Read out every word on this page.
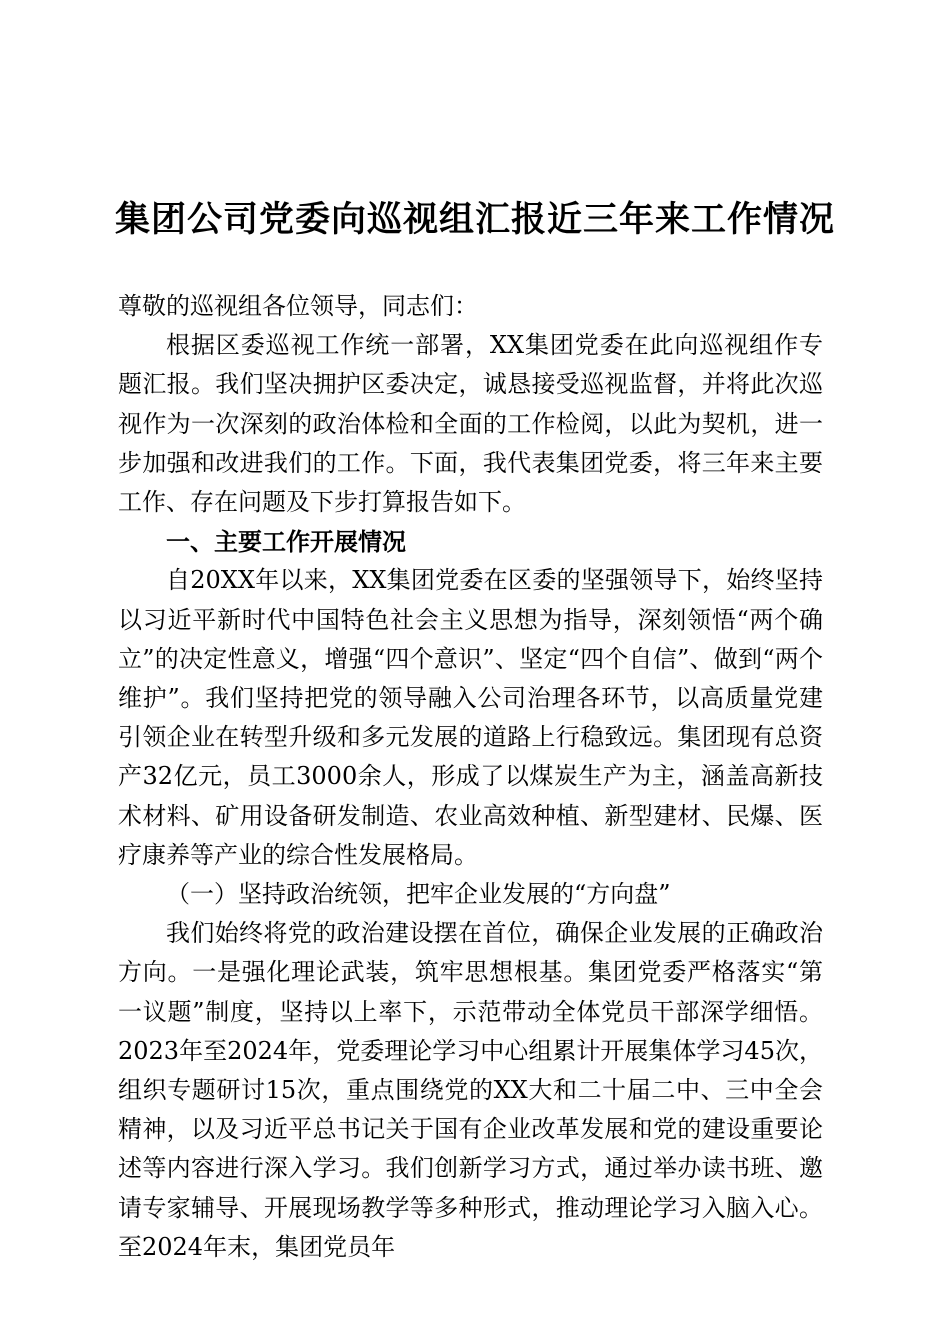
集团公司党委向巡视组汇报近三年来工作情况

尊敬的巡视组各位领导，同志们：

根据区委巡视工作统一部署，XX集团党委在此向巡视组作专题汇报。我们坚决拥护区委决定，诚恳接受巡视监督，并将此次巡视作为一次深刻的政治体检和全面的工作检阅，以此为契机，进一步加强和改进我们的工作。下面，我代表集团党委，将三年来主要工作、存在问题及下步打算报告如下。

一、主要工作开展情况

自20XX年以来，XX集团党委在区委的坚强领导下，始终坚持以习近平新时代中国特色社会主义思想为指导，深刻领悟“两个确立”的决定性意义，增强“四个意识”、坚定“四个自信”、做到“两个维护”。我们坚持把党的领导融入公司治理各环节，以高质量党建引领企业在转型升级和多元发展的道路上行稳致远。集团现有总资产32亿元，员工3000余人，形成了以煤炭生产为主，涵盖高新技术材料、矿用设备研发制造、农业高效种植、新型建材、民爆、医疗康养等产业的综合性发展格局。

（一）坚持政治统领，把牢企业发展的“方向盘”

我们始终将党的政治建设摆在首位，确保企业发展的正确政治方向。一是强化理论武装，筑牢思想根基。集团党委严格落实“第一议题”制度，坚持以上率下，示范带动全体党员干部深学细悟。2023年至2024年，党委理论学习中心组累计开展集体学习45次，组织专题研讨15次，重点围绕党的XX大和二十届二中、三中全会精神，以及习近平总书记关于国有企业改革发展和党的建设重要论述等内容进行深入学习。我们创新学习方式，通过举办读书班、邀请专家辅导、开展现场教学等多种形式，推动理论学习入脑入心。至2024年末，集团党员年
